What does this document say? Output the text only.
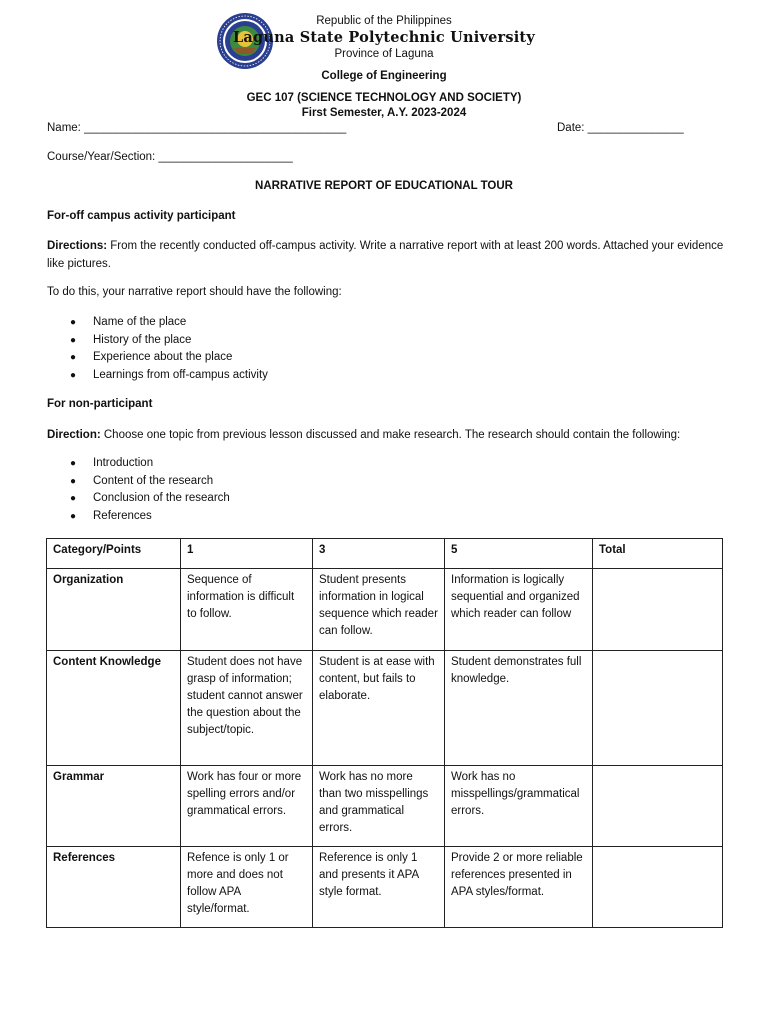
Republic of the Philippines
Laguna State Polytechnic University
Province of Laguna
College of Engineering
GEC 107 (SCIENCE TECHNOLOGY AND SOCIETY)
First Semester, A.Y. 2023-2024
Name: _________________________________________	Date: _______________
Course/Year/Section: _____________________
NARRATIVE REPORT OF EDUCATIONAL TOUR
For-off campus activity participant
Directions: From the recently conducted off-campus activity. Write a narrative report with at least 200 words. Attached your evidence like pictures.
To do this, your narrative report should have the following:
● Name of the place
● History of the place
● Experience about the place
● Learnings from off-campus activity
For non-participant
Direction: Choose one topic from previous lesson discussed and make research. The research should contain the following:
● Introduction
● Content of the research
● Conclusion of the research
● References
Category/Points	1	3	5	Total
Organization	Sequence of information is difficult to follow.	Student presents information in logical sequence which reader can follow.	Information is logically sequential and organized which reader can follow	
Content Knowledge	Student does not have grasp of information; student cannot answer the question about the subject/topic.	Student is at ease with content, but fails to elaborate.	Student demonstrates full knowledge.	
Grammar	Work has four or more spelling errors and/or grammatical errors.	Work has no more than two misspellings and grammatical errors.	Work has no misspellings/grammatical errors.	
References	Refence is only 1 or more and does not follow APA style/format.	Reference is only 1 and presents it APA style format.	Provide 2 or more reliable references presented in APA styles/format.	
